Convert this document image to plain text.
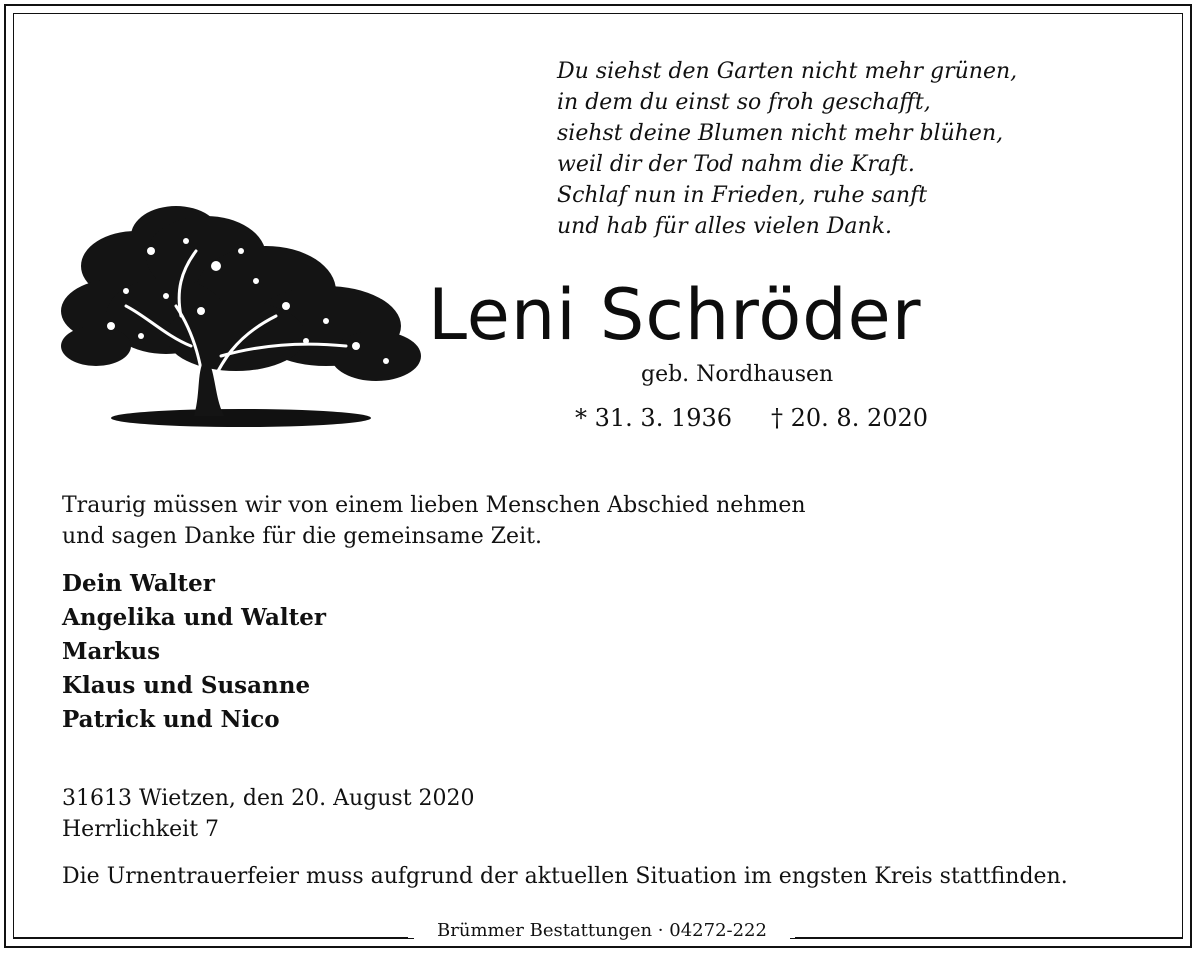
Du siehst den Garten nicht mehr grünen,
in dem du einst so froh geschafft,
siehst deine Blumen nicht mehr blühen,
weil dir der Tod nahm die Kraft.
Schlaf nun in Frieden, ruhe sanft
und hab für alles vielen Dank.
Leni Schröder
geb. Nordhausen
* 31. 3. 1936 † 20. 8. 2020
Traurig müssen wir von einem lieben Menschen Abschied nehmen
und sagen Danke für die gemeinsame Zeit.
Dein Walter
Angelika und Walter
Markus
Klaus und Susanne
Patrick und Nico
31613 Wietzen, den 20. August 2020
Herrlichkeit 7
Die Urnentrauerfeier muss aufgrund der aktuellen Situation im engsten Kreis stattfinden.
Brümmer Bestattungen · 04272-222
